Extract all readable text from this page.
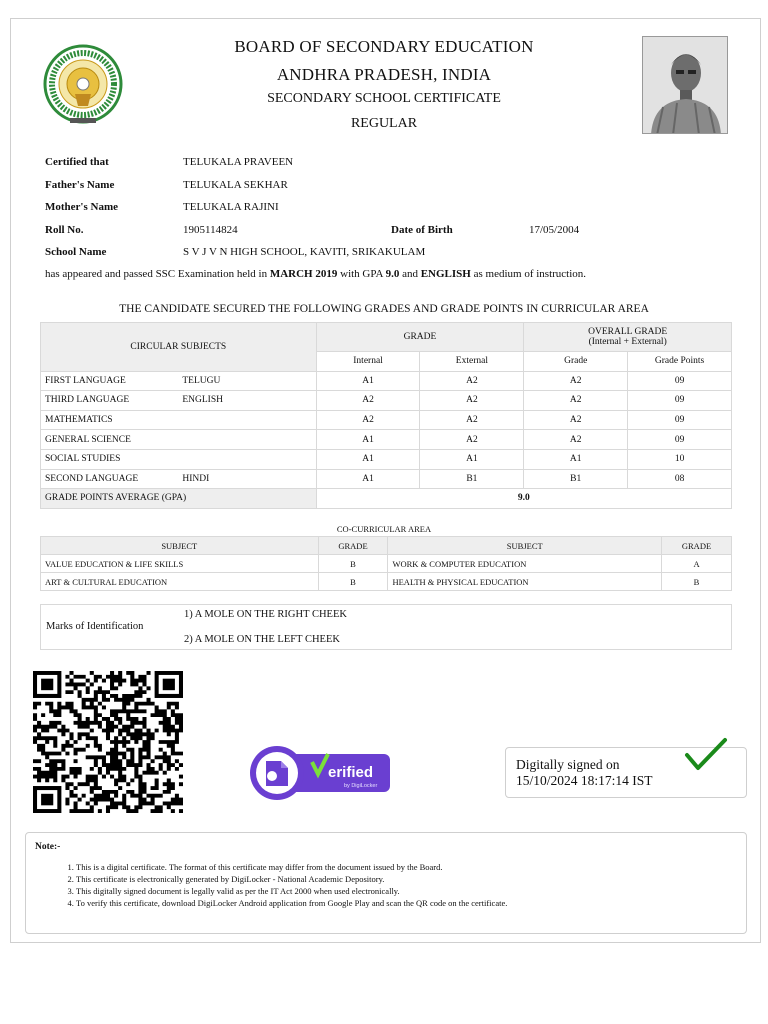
BOARD OF SECONDARY EDUCATION
ANDHRA PRADESH, INDIA
SECONDARY SCHOOL CERTIFICATE
REGULAR
Certified that	TELUKALA PRAVEEN
Father's Name	TELUKALA SEKHAR
Mother's Name	TELUKALA RAJINI
Roll No.	1905114824	Date of Birth	17/05/2004
School Name	S V J V N HIGH SCHOOL, KAVITI, SRIKAKULAM
has appeared and passed SSC Examination held in MARCH 2019 with GPA 9.0 and ENGLISH as medium of instruction.
THE CANDIDATE SECURED THE FOLLOWING GRADES AND GRADE POINTS IN CURRICULAR AREA
CIRCULAR SUBJECTS		GRADE		OVERALL GRADE
(Internal + External)	
		Internal	External	Grade	Grade Points
FIRST LANGUAGE	TELUGU	A1	A2	A2	09
THIRD LANGUAGE	ENGLISH	A2	A2	A2	09
MATHEMATICS		A2	A2	A2	09
GENERAL SCIENCE		A1	A2	A2	09
SOCIAL STUDIES		A1	A1	A1	10
SECOND LANGUAGE	HINDI	A1	B1	B1	08
GRADE POINTS AVERAGE (GPA)		9.0			
CO-CURRICULAR AREA
SUBJECT	GRADE	SUBJECT	GRADE
VALUE EDUCATION & LIFE SKILLS	B	WORK & COMPUTER EDUCATION	A
ART & CULTURAL EDUCATION	B	HEALTH & PHYSICAL EDUCATION	B
Marks of Identification
1) A MOLE ON THE RIGHT CHEEK
2) A MOLE ON THE LEFT CHEEK
erified
by DigiLocker
Digitally signed on
15/10/2024 18:17:14 IST
Note:-
1. This is a digital certificate. The format of this certificate may differ from the document issued by the Board.
2. This certificate is electronically generated by DigiLocker - National Academic Depository.
3. This digitally signed document is legally valid as per the IT Act 2000 when used electronically.
4. To verify this certificate, download DigiLocker Android application from Google Play and scan the QR code on the certificate.
